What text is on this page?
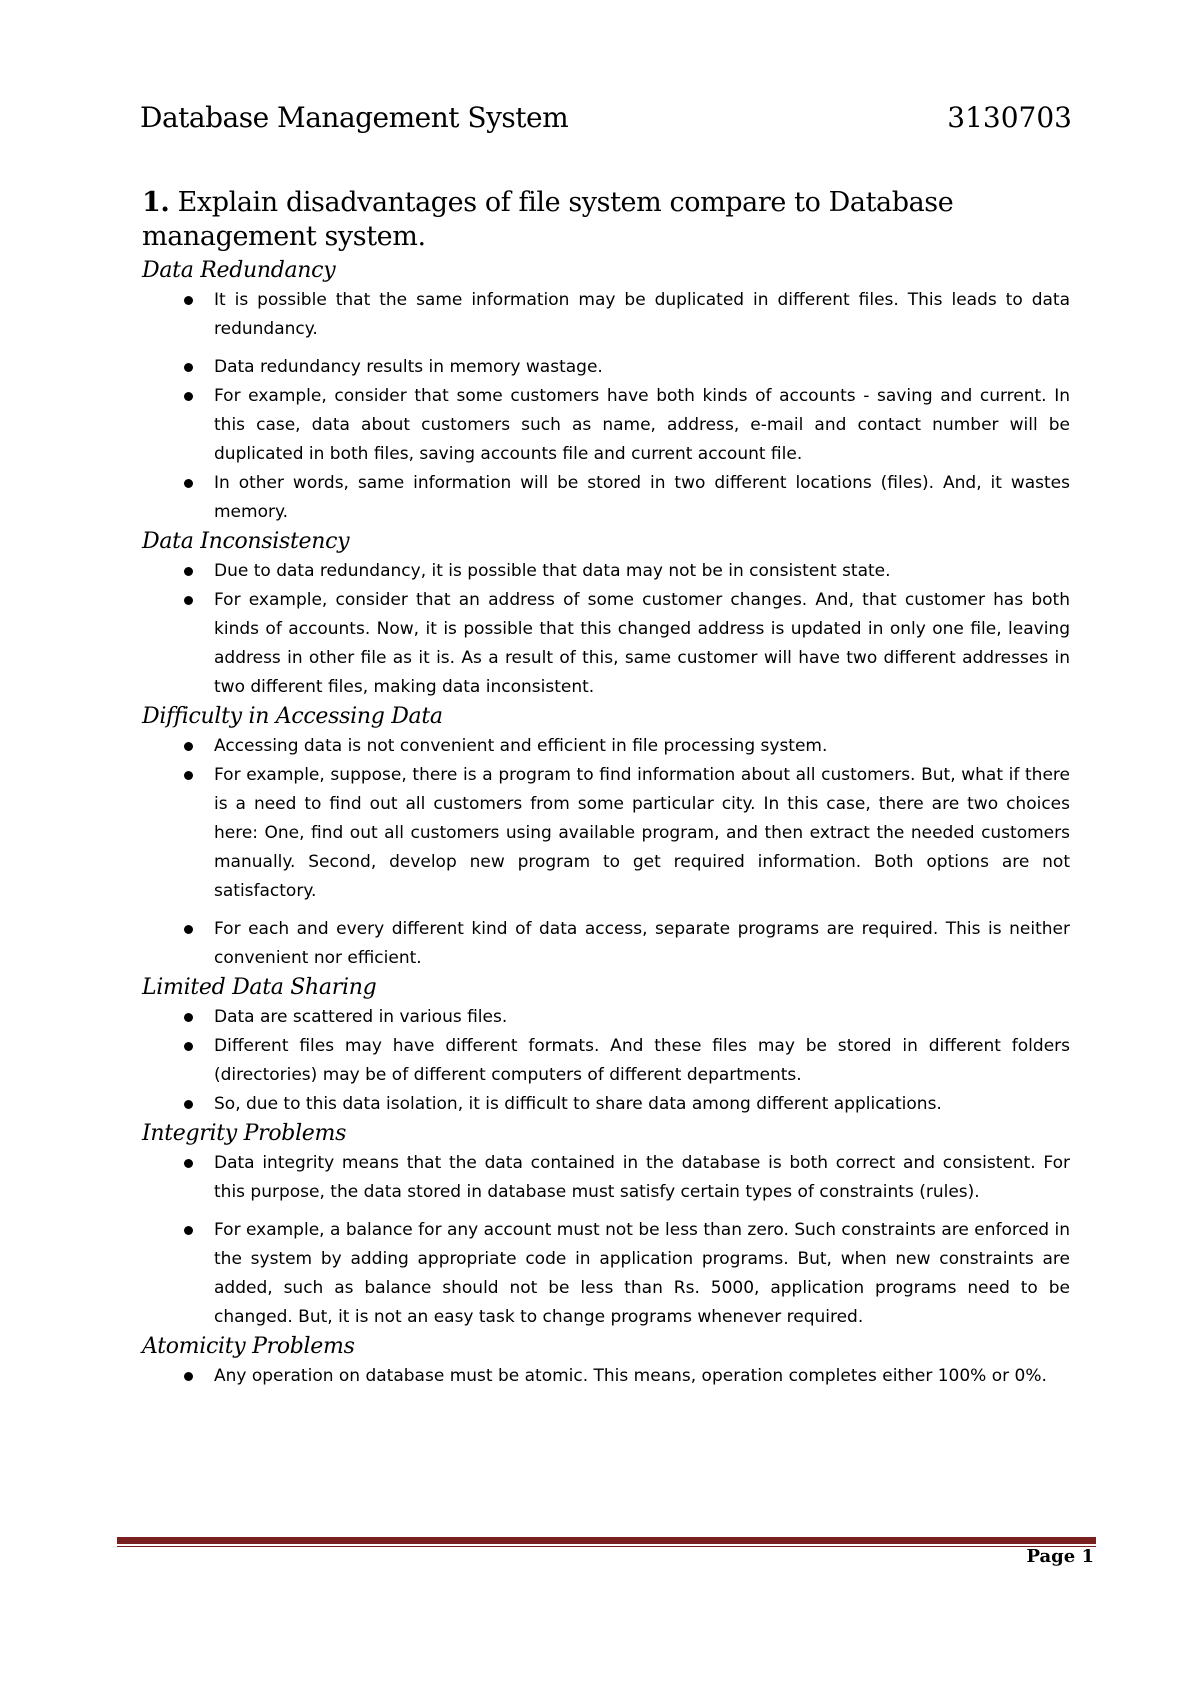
Database Management System	3130703
1. Explain disadvantages of file system compare to Database management system.
Data Redundancy
It is possible that the same information may be duplicated in different files. This leads to data redundancy.
Data redundancy results in memory wastage.
For example, consider that some customers have both kinds of accounts - saving and current. In this case, data about customers such as name, address, e-mail and contact number will be duplicated in both files, saving accounts file and current account file.
In other words, same information will be stored in two different locations (files). And, it wastes memory.
Data Inconsistency
Due to data redundancy, it is possible that data may not be in consistent state.
For example, consider that an address of some customer changes. And, that customer has both kinds of accounts. Now, it is possible that this changed address is updated in only one file, leaving address in other file as it is. As a result of this, same customer will have two different addresses in two different files, making data inconsistent.
Difficulty in Accessing Data
Accessing data is not convenient and efficient in file processing system.
For example, suppose, there is a program to find information about all customers. But, what if there is a need to find out all customers from some particular city. In this case, there are two choices here: One, find out all customers using available program, and then extract the needed customers manually. Second, develop new program to get required information. Both options are not satisfactory.
For each and every different kind of data access, separate programs are required. This is neither convenient nor efficient.
Limited Data Sharing
Data are scattered in various files.
Different files may have different formats. And these files may be stored in different folders (directories) may be of different computers of different departments.
So, due to this data isolation, it is difficult to share data among different applications.
Integrity Problems
Data integrity means that the data contained in the database is both correct and consistent. For this purpose, the data stored in database must satisfy certain types of constraints (rules).
For example, a balance for any account must not be less than zero. Such constraints are enforced in the system by adding appropriate code in application programs. But, when new constraints are added, such as balance should not be less than Rs. 5000, application programs need to be changed. But, it is not an easy task to change programs whenever required.
Atomicity Problems
Any operation on database must be atomic. This means, operation completes either 100% or 0%.
Page 1
